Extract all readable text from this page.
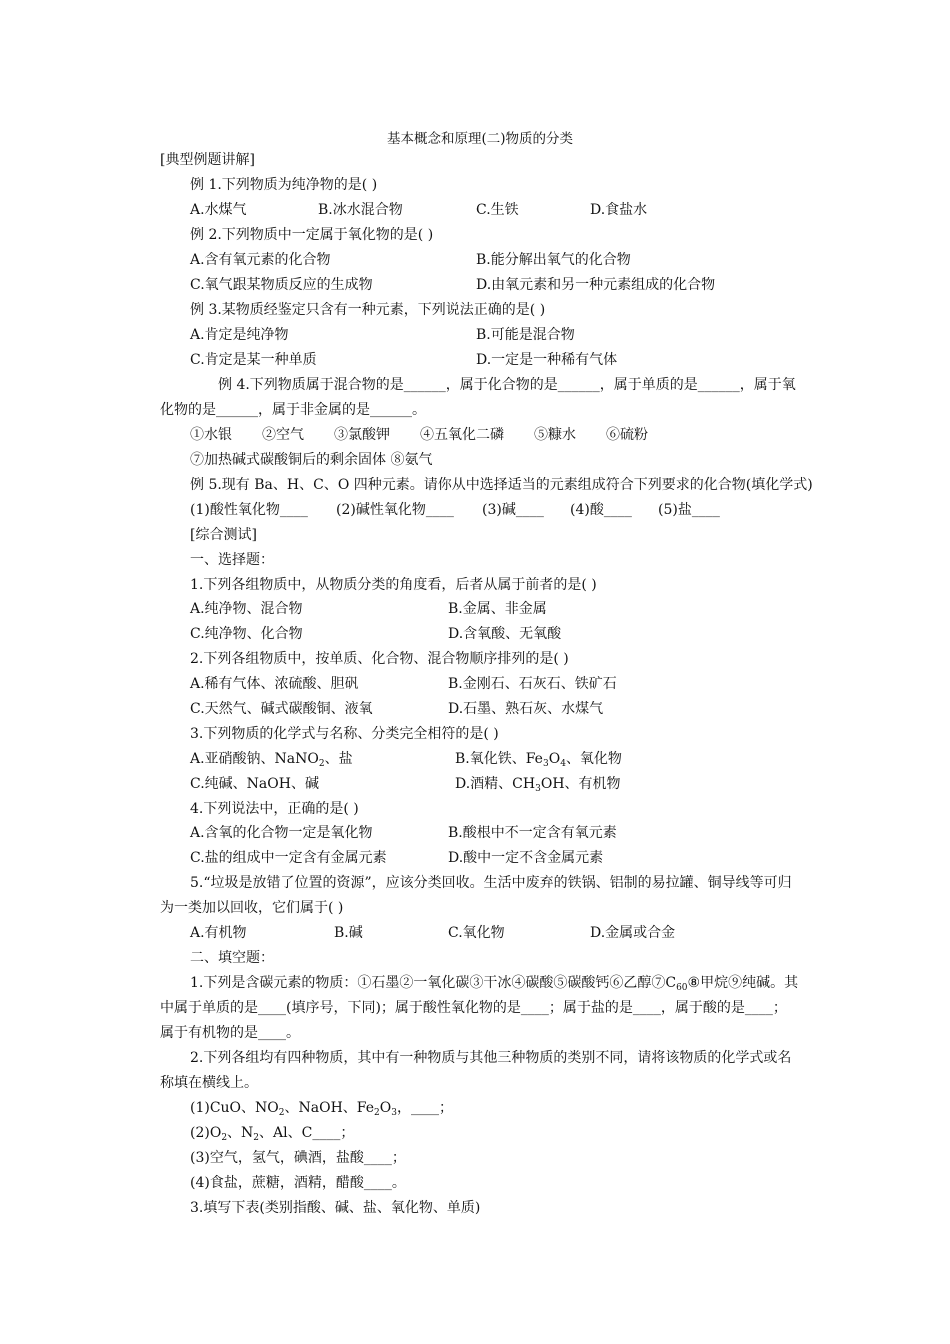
基本概念和原理(二)物质的分类
[典型例题讲解]
例 1.下列物质为纯净物的是( )
A.水煤气	B.冰水混合物	C.生铁	D.食盐水
例 2.下列物质中一定属于氧化物的是( )
A.含有氧元素的化合物	B.能分解出氧气的化合物
C.氧气跟某物质反应的生成物	D.由氧元素和另一种元素组成的化合物
例 3.某物质经鉴定只含有一种元素，下列说法正确的是( )
A.肯定是纯净物	B.可能是混合物
C.肯定是某一种单质	D.一定是一种稀有气体
例 4.下列物质属于混合物的是______，属于化合物的是______，属于单质的是______，属于氧
化物的是______，属于非金属的是______。
①水银 ②空气 ③氯酸钾 ④五氧化二磷 ⑤糠水 ⑥硫粉
⑦加热碱式碳酸铜后的剩余固体 ⑧氨气
例 5.现有 Ba、H、C、O 四种元素。请你从中选择适当的元素组成符合下列要求的化合物(填化学式)
(1)酸性氧化物____ (2)碱性氧化物____ (3)碱____ (4)酸____ (5)盐____
[综合测试]
一、选择题：
1.下列各组物质中，从物质分类的角度看，后者从属于前者的是( )
A.纯净物、混合物	B.金属、非金属
C.纯净物、化合物	D.含氧酸、无氧酸
2.下列各组物质中，按单质、化合物、混合物顺序排列的是( )
A.稀有气体、浓硫酸、胆矾	B.金刚石、石灰石、铁矿石
C.天然气、碱式碳酸铜、液氧	D.石墨、熟石灰、水煤气
3.下列物质的化学式与名称、分类完全相符的是( )
A.亚硝酸钠、NaNO$_2$、盐	B.氧化铁、$Fe_3O_4$、氧化物
C.纯碱、NaOH、碱	D.酒精、$CH_3OH$、有机物
4.下列说法中，正确的是( )
A.含氧的化合物一定是氧化物	B.酸根中不一定含有氧元素
C.盐的组成中一定含有金属元素	D.酸中一定不含金属元素
5.“垃圾是放错了位置的资源”，应该分类回收。生活中废弃的铁锅、铝制的易拉罐、铜导线等可归
为一类加以回收，它们属于( )
A.有机物	B.碱	C.氧化物	D.金属或合金
二、填空题：
1.下列是含碳元素的物质：①石墨②一氧化碳③干冰④碳酸⑤碳酸钙⑥乙醇$⑦C_{60}⑧$甲烷⑨纯碱。其
中属于单质的是____(填序号，下同)；属于酸性氧化物的是____；属于盐的是____，属于酸的是____；
属于有机物的是____。
2.下列各组均有四种物质，其中有一种物质与其他三种物质的类别不同，请将该物质的化学式或名
称填在横线上。
(1)CuO、$NO_2$、NaOH、$Fe_2O_3$，____；
$(2)O_2$、$N_2$、Al、C____；
(3)空气，氢气，碘酒，盐酸____；
(4)食盐，蔗糖，酒精，醋酸____。
3.填写下表(类别指酸、碱、盐、氧化物、单质)
